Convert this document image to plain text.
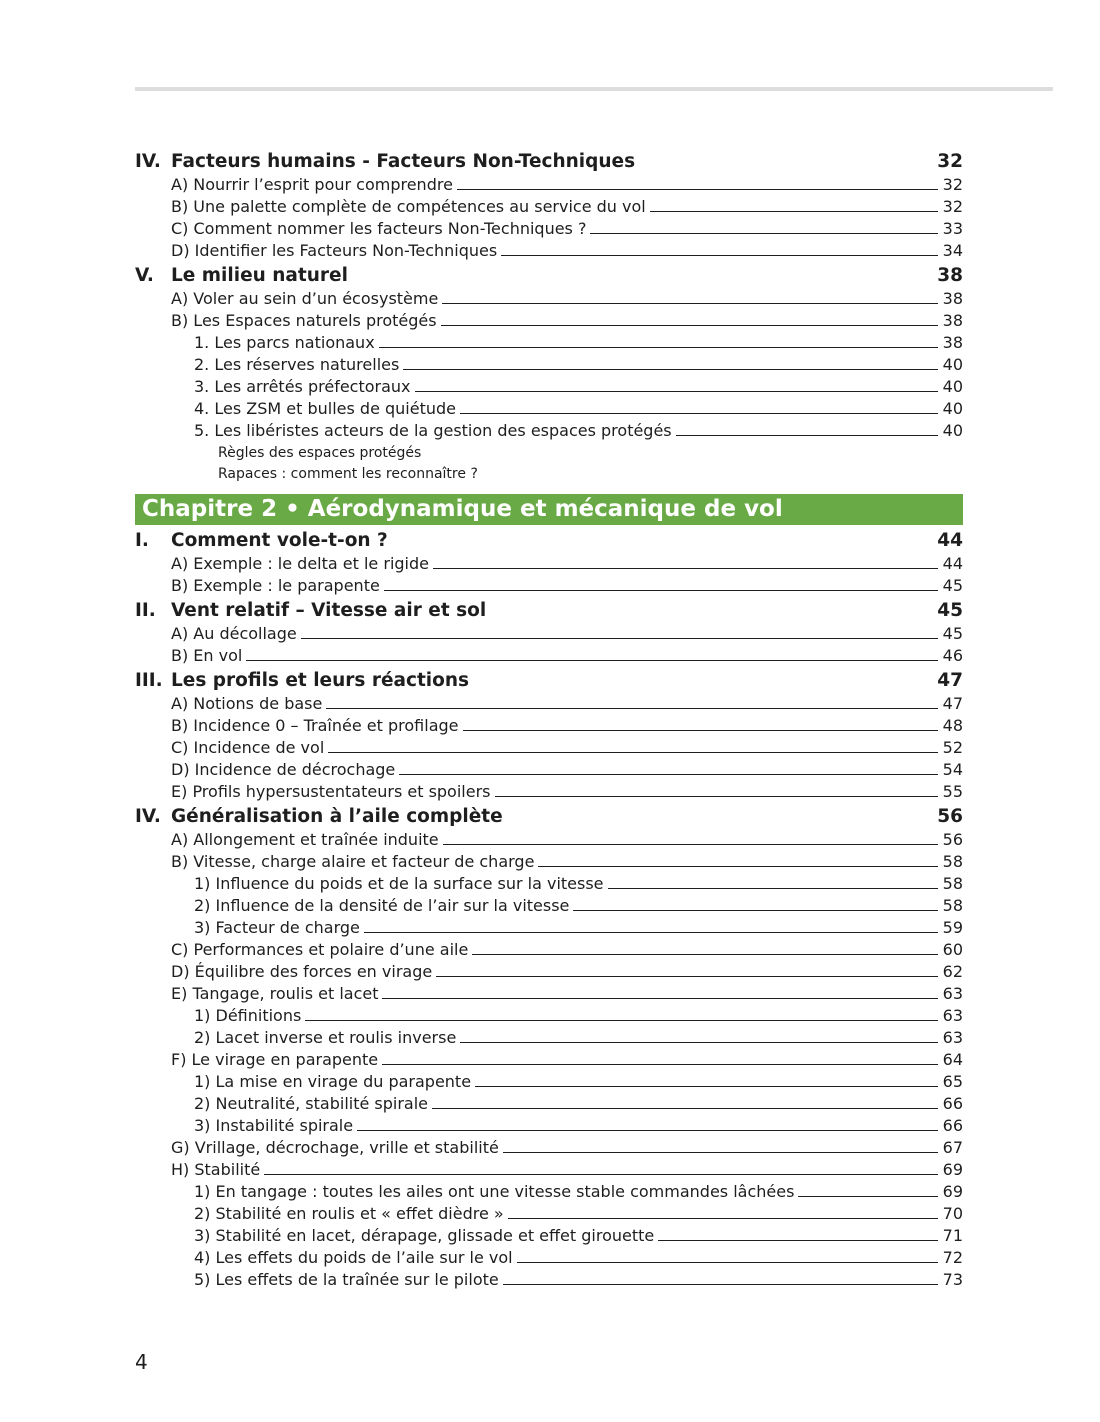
IV. Facteurs humains - Facteurs Non-Techniques	32
A) Nourrir l’esprit pour comprendre	32
B) Une palette complète de compétences au service du vol	32
C) Comment nommer les facteurs Non-Techniques ?	33
D) Identifier les Facteurs Non-Techniques	34
V. Le milieu naturel	38
A) Voler au sein d’un écosystème	38
B) Les Espaces naturels protégés	38
1. Les parcs nationaux	38
2. Les réserves naturelles	40
3. Les arrêtés préfectoraux	40
4. Les ZSM et bulles de quiétude	40
5. Les libéristes acteurs de la gestion des espaces protégés	40
Règles des espaces protégés
Rapaces : comment les reconnaître ?
Chapitre 2 • Aérodynamique et mécanique de vol
I. Comment vole-t-on ?	44
A) Exemple : le delta et le rigide	44
B) Exemple : le parapente	45
II. Vent relatif – Vitesse air et sol	45
A) Au décollage	45
B) En vol	46
III. Les profils et leurs réactions	47
A) Notions de base	47
B) Incidence 0 – Traînée et profilage	48
C) Incidence de vol	52
D) Incidence de décrochage	54
E) Profils hypersustentateurs et spoilers	55
IV. Généralisation à l’aile complète	56
A) Allongement et traînée induite	56
B) Vitesse, charge alaire et facteur de charge	58
1) Influence du poids et de la surface sur la vitesse	58
2) Influence de la densité de l’air sur la vitesse	58
3) Facteur de charge	59
C) Performances et polaire d’une aile	60
D) Équilibre des forces en virage	62
E) Tangage, roulis et lacet	63
1) Définitions	63
2) Lacet inverse et roulis inverse	63
F) Le virage en parapente	64
1) La mise en virage du parapente	65
2) Neutralité, stabilité spirale	66
3) Instabilité spirale	66
G) Vrillage, décrochage, vrille et stabilité	67
H) Stabilité	69
1) En tangage : toutes les ailes ont une vitesse stable commandes lâchées	69
2) Stabilité en roulis et « effet dièdre »	70
3) Stabilité en lacet, dérapage, glissade et effet girouette	71
4) Les effets du poids de l’aile sur le vol	72
5) Les effets de la traînée sur le pilote	73
4
